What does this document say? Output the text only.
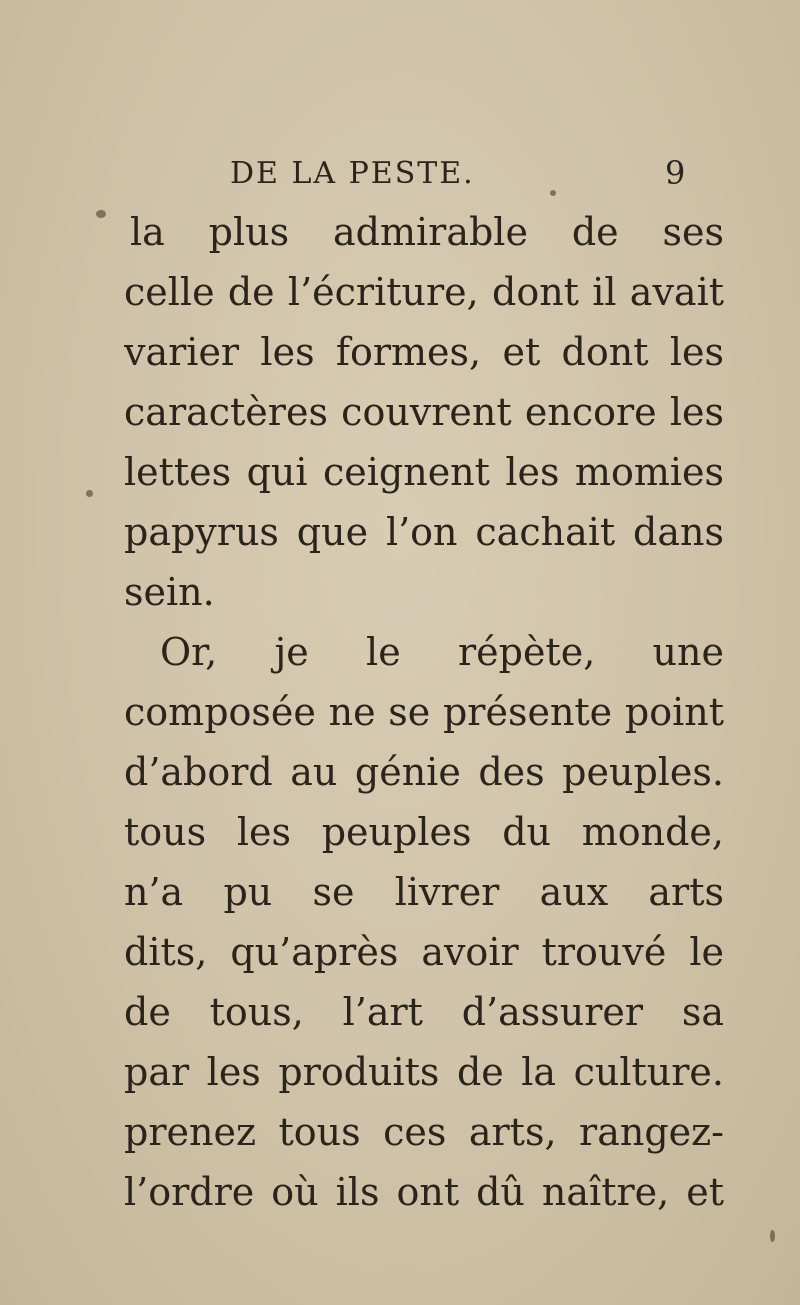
DE LA PESTE.	9
la plus admirable de ses
celle de l’écriture, dont il avait
varier les formes, et dont les
caractères couvrent encore les
lettes qui ceignent les momies
papyrus que l’on cachait dans
sein.
Or, je le répète, une
composée ne se présente point
d’abord au génie des peuples.
tous les peuples du monde,
n’a pu se livrer aux arts
dits, qu’après avoir trouvé le
de tous, l’art d’assurer sa
par les produits de la culture.
prenez tous ces arts, rangez-
l’ordre où ils ont dû naître, et
